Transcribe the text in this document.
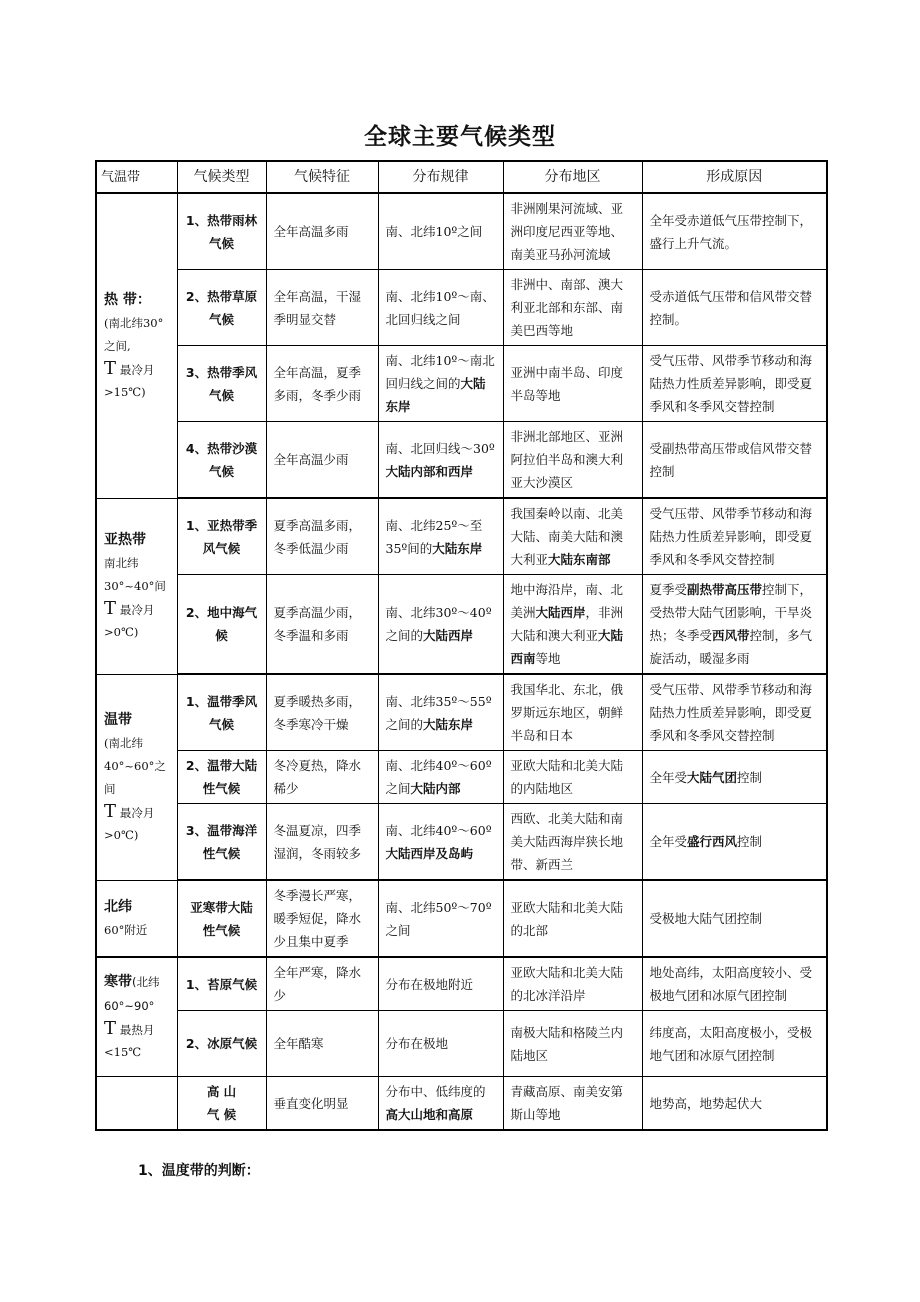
全球主要气候类型
气温带	气候类型	气候特征	分布规律	分布地区	形成原因

热 带：
(南北纬30°之间,
T 最冷月
>15℃)	1、热带雨林气候	全年高温多雨	南、北纬10º之间	非洲刚果河流域、亚洲印度尼西亚等地、南美亚马孙河流域	全年受赤道低气压带控制下，盛行上升气流。
	2、热带草原气候	全年高温，干湿季明显交替	南、北纬10º～南、北回归线之间	非洲中、南部、澳大利亚北部和东部、南美巴西等地	受赤道低气压带和信风带交替控制。
	3、热带季风气候	全年高温，夏季多雨，冬季少雨	南、北纬10º～南北回归线之间的大陆东岸	亚洲中南半岛、印度半岛等地	受气压带、风带季节移动和海陆热力性质差异影响，即受夏季风和冬季风交替控制
	4、热带沙漠气候	全年高温少雨	南、北回归线～30º大陆内部和西岸	非洲北部地区、亚洲阿拉伯半岛和澳大利亚大沙漠区	受副热带高压带或信风带交替控制

亚热带
南北纬30°~40°间
T 最冷月
>0℃)	1、亚热带季风气候	夏季高温多雨，冬季低温少雨	南、北纬25º～至35º间的大陆东岸	我国秦岭以南、北美大陆、南美大陆和澳大利亚大陆东南部	受气压带、风带季节移动和海陆热力性质差异影响，即受夏季风和冬季风交替控制
	2、地中海气候	夏季高温少雨，冬季温和多雨	南、北纬30º～40º之间的大陆西岸	地中海沿岸，南、北美洲大陆西岸，非洲大陆和澳大利亚大陆西南等地	夏季受副热带高压带控制下，受热带大陆气团影响，干旱炎热；冬季受西风带控制，多气旋活动，暖湿多雨

温带
(南北纬40°~60°之间
T 最冷月
>0℃)	1、温带季风气候	夏季暖热多雨，冬季寒冷干燥	南、北纬35º～55º之间的大陆东岸	我国华北、东北，俄罗斯远东地区，朝鲜半岛和日本	受气压带、风带季节移动和海陆热力性质差异影响，即受夏季风和冬季风交替控制
	2、温带大陆性气候	冬冷夏热，降水稀少	南、北纬40º～60º之间大陆内部	亚欧大陆和北美大陆的内陆地区	全年受大陆气团控制
	3、温带海洋性气候	冬温夏凉，四季湿润，冬雨较多	南、北纬40º～60º大陆西岸及岛屿	西欧、北美大陆和南美大陆西海岸狭长地带、新西兰	全年受盛行西风控制

北纬
60°附近	亚寒带大陆性气候	冬季漫长严寒，暖季短促，降水少且集中夏季	南、北纬50º～70º之间	亚欧大陆和北美大陆的北部	受极地大陆气团控制

寒带(北纬60°~90°
T 最热月
<15℃	1、苔原气候	全年严寒，降水少	分布在极地附近	亚欧大陆和北美大陆的北冰洋沿岸	地处高纬，太阳高度较小、受极地气团和冰原气团控制
	2、冰原气候	全年酷寒	分布在极地	南极大陆和格陵兰内陆地区	纬度高，太阳高度极小，受极地气团和冰原气团控制
	高 山
气 候	垂直变化明显	分布中、低纬度的高大山地和高原	青藏高原、南美安第斯山等地	地势高，地势起伏大
1、温度带的判断：
